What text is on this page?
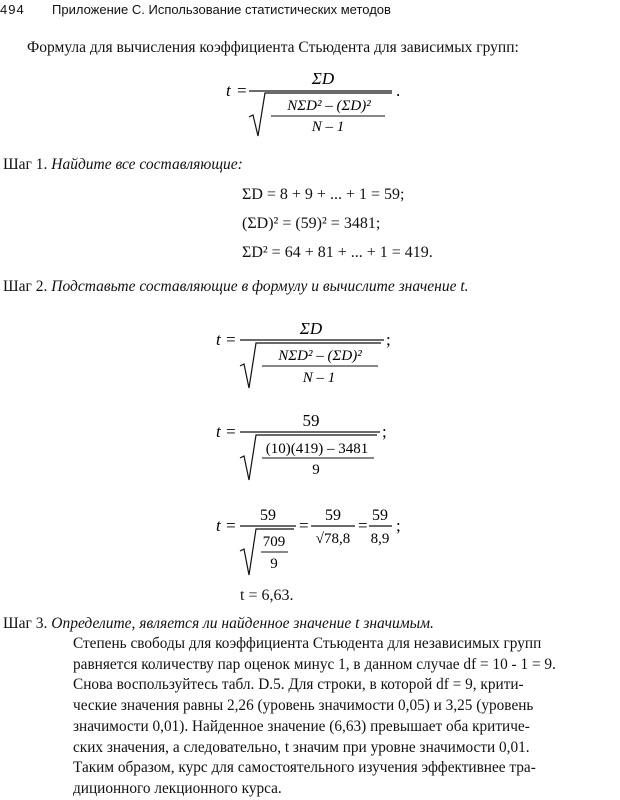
494 Приложение С. Использование статистических методов
Формула для вычисления коэффициента Стьюдента для зависимых групп:
t =
ΣD
NΣD² – (ΣD)²
N – 1
.
Шаг 1. Найдите все составляющие:
ΣD = 8 + 9 + ... + 1 = 59;
(ΣD)² = (59)² = 3481;
ΣD² = 64 + 81 + ... + 1 = 419.
Шаг 2. Подставьте составляющие в формулу и вычислите значение t.
t =
ΣD
NΣD² – (ΣD)²
N – 1
;
t =
59
(10)(419) – 3481
9
;
t =
59
709
9
=
59
√78,8
=
59
8,9
;
t = 6,63.
Шаг 3. Определите, является ли найденное значение t значимым.
Степень свободы для коэффициента Стьюдента для независимых групп
равняется количеству пар оценок минус 1, в данном случае df = 10 - 1 = 9.
Снова воспользуйтесь табл. D.5. Для строки, в которой df = 9, крити-
ческие значения равны 2,26 (уровень значимости 0,05) и 3,25 (уровень
значимости 0,01). Найденное значение (6,63) превышает оба критиче-
ских значения, а следовательно, t значим при уровне значимости 0,01.
Таким образом, курс для самостоятельного изучения эффективнее тра-
диционного лекционного курса.
